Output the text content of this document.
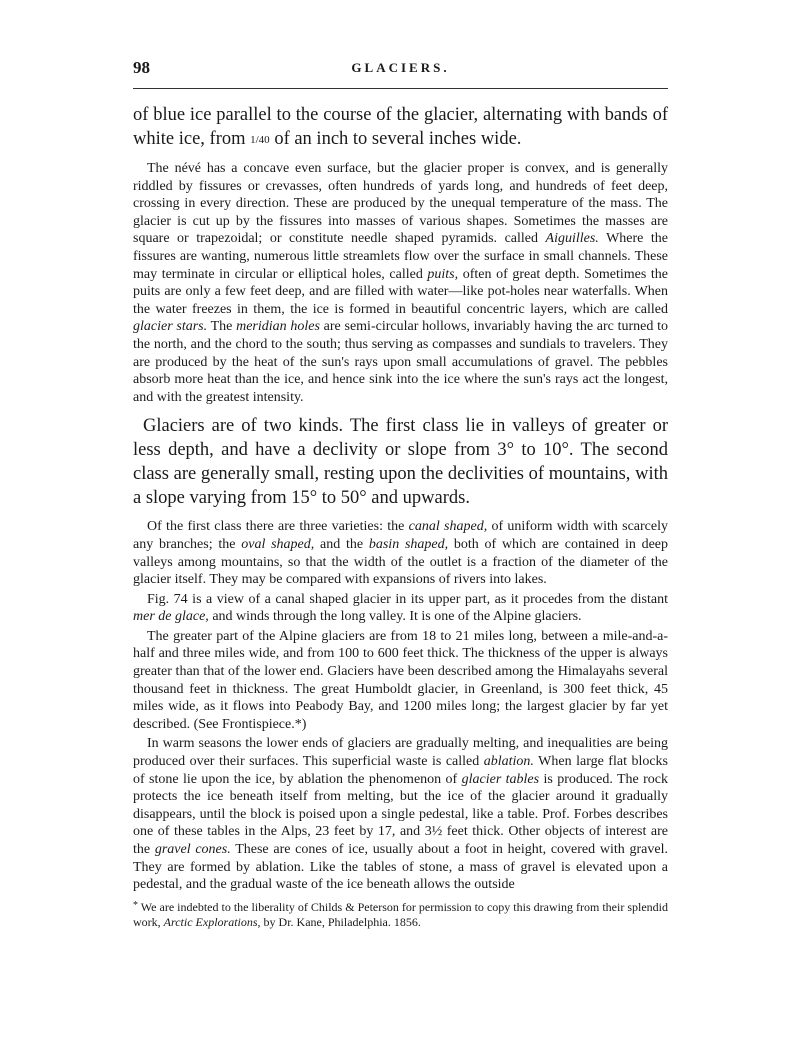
98	GLACIERS.

of blue ice parallel to the course of the glacier, alternating with bands of white ice, from 1/40 of an inch to several inches wide.

The névé has a concave even surface, but the glacier proper is convex, and is generally riddled by fissures or crevasses, often hundreds of yards long, and hundreds of feet deep, crossing in every direction. These are produced by the unequal temperature of the mass. The glacier is cut up by the fissures into masses of various shapes. Sometimes the masses are square or trapezoidal; or constitute needle shaped pyramids. called Aiguilles. Where the fissures are wanting, numerous little streamlets flow over the surface in small channels. These may terminate in circular or elliptical holes, called puits, often of great depth. Sometimes the puits are only a few feet deep, and are filled with water—like pot-holes near waterfalls. When the water freezes in them, the ice is formed in beautiful concentric layers, which are called glacier stars. The meridian holes are semi-circular hollows, invariably having the arc turned to the north, and the chord to the south; thus serving as compasses and sundials to travelers. They are produced by the heat of the sun's rays upon small accumulations of gravel. The pebbles absorb more heat than the ice, and hence sink into the ice where the sun's rays act the longest, and with the greatest intensity.

Glaciers are of two kinds. The first class lie in valleys of greater or less depth, and have a declivity or slope from 3° to 10°. The second class are generally small, resting upon the declivities of mountains, with a slope varying from 15° to 50° and upwards.

Of the first class there are three varieties: the canal shaped, of uniform width with scarcely any branches; the oval shaped, and the basin shaped, both of which are contained in deep valleys among mountains, so that the width of the outlet is a fraction of the diameter of the glacier itself. They may be compared with expansions of rivers into lakes.

Fig. 74 is a view of a canal shaped glacier in its upper part, as it procedes from the distant mer de glace, and winds through the long valley. It is one of the Alpine glaciers.

The greater part of the Alpine glaciers are from 18 to 21 miles long, between a mile-and-a-half and three miles wide, and from 100 to 600 feet thick. The thickness of the upper is always greater than that of the lower end. Glaciers have been described among the Himalayahs several thousand feet in thickness. The great Humboldt glacier, in Greenland, is 300 feet thick, 45 miles wide, as it flows into Peabody Bay, and 1200 miles long; the largest glacier by far yet described. (See Frontispiece.*)

In warm seasons the lower ends of glaciers are gradually melting, and inequalities are being produced over their surfaces. This superficial waste is called ablation. When large flat blocks of stone lie upon the ice, by ablation the phenomenon of glacier tables is produced. The rock protects the ice beneath itself from melting, but the ice of the glacier around it gradually disappears, until the block is poised upon a single pedestal, like a table. Prof. Forbes describes one of these tables in the Alps, 23 feet by 17, and 3½ feet thick. Other objects of interest are the gravel cones. These are cones of ice, usually about a foot in height, covered with gravel. They are formed by ablation. Like the tables of stone, a mass of gravel is elevated upon a pedestal, and the gradual waste of the ice beneath allows the outside

* We are indebted to the liberality of Childs & Peterson for permission to copy this drawing from their splendid work, Arctic Explorations, by Dr. Kane, Philadelphia. 1856.
